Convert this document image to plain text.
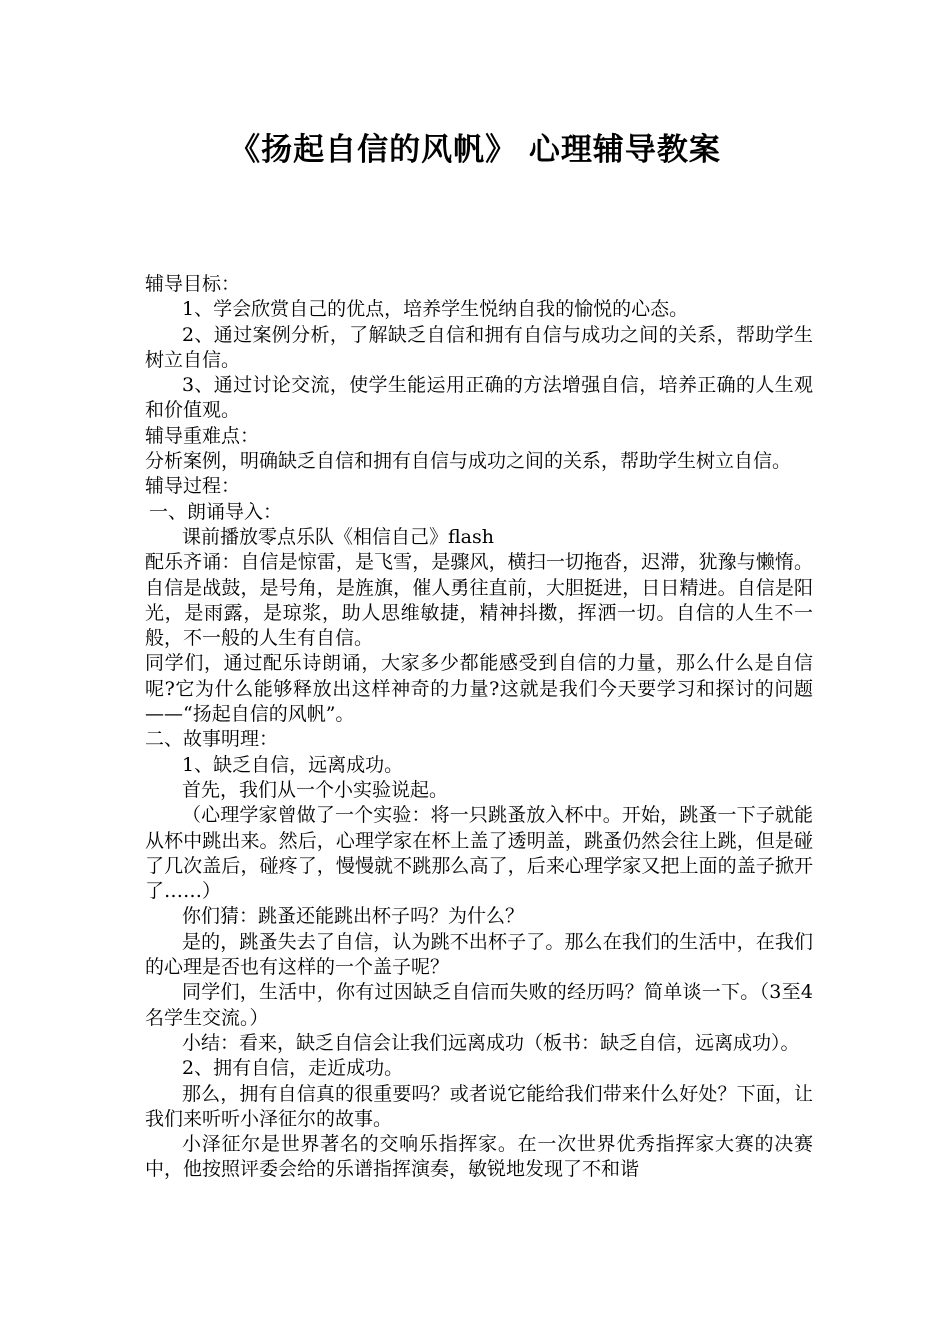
《扬起自信的风帆》 心理辅导教案

辅导目标：

1、学会欣赏自己的优点，培养学生悦纳自我的愉悦的心态。

2、通过案例分析，了解缺乏自信和拥有自信与成功之间的关系，帮助学生树立自信。

3、通过讨论交流，使学生能运用正确的方法增强自信，培养正确的人生观和价值观。

辅导重难点：

分析案例，明确缺乏自信和拥有自信与成功之间的关系，帮助学生树立自信。

辅导过程：

一、朗诵导入：

课前播放零点乐队《相信自己》flash

配乐齐诵：自信是惊雷，是飞雪，是骤风，横扫一切拖沓，迟滞，犹豫与懒惰。自信是战鼓，是号角，是旌旗，催人勇往直前，大胆挺进，日日精进。自信是阳光，是雨露，是琼浆，助人思维敏捷，精神抖擞，挥洒一切。自信的人生不一般，不一般的人生有自信。

同学们，通过配乐诗朗诵，大家多少都能感受到自信的力量，那么什么是自信呢?它为什么能够释放出这样神奇的力量?这就是我们今天要学习和探讨的问题——“扬起自信的风帆”。

二、故事明理：

1、缺乏自信，远离成功。

首先，我们从一个小实验说起。

（心理学家曾做了一个实验：将一只跳蚤放入杯中。开始，跳蚤一下子就能从杯中跳出来。然后，心理学家在杯上盖了透明盖，跳蚤仍然会往上跳，但是碰了几次盖后，碰疼了，慢慢就不跳那么高了，后来心理学家又把上面的盖子掀开了……）

你们猜：跳蚤还能跳出杯子吗？为什么？

是的，跳蚤失去了自信，认为跳不出杯子了。那么在我们的生活中，在我们的心理是否也有这样的一个盖子呢？

同学们，生活中，你有过因缺乏自信而失败的经历吗？简单谈一下。（3至4名学生交流。）

小结：看来，缺乏自信会让我们远离成功（板书：缺乏自信，远离成功）。

2、拥有自信，走近成功。

那么，拥有自信真的很重要吗？或者说它能给我们带来什么好处？下面，让我们来听听小泽征尔的故事。

小泽征尔是世界著名的交响乐指挥家。在一次世界优秀指挥家大赛的决赛中，他按照评委会给的乐谱指挥演奏，敏锐地发现了不和谐
